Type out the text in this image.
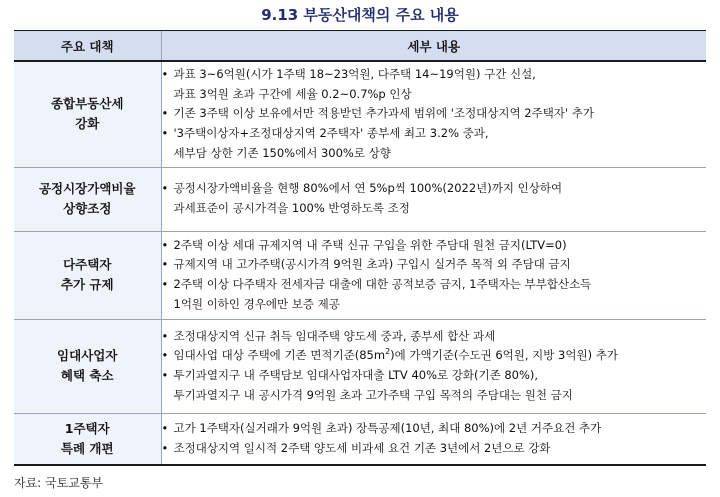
9.13 부동산대책의 주요 내용
주요 대책	세부 내용

종합부동산세
강화	• 과표 3~6억원(시가 1주택 18~23억원, 다주택 14~19억원) 구간 신설,
과표 3억원 초과 구간에 세율 0.2~0.7%p 인상
• 기존 3주택 이상 보유에서만 적용받던 추가과세 범위에 '조정대상지역 2주택자' 추가
• '3주택이상자+조정대상지역 2주택자' 종부세 최고 3.2% 중과,
세부담 상한 기존 150%에서 300%로 상향

공정시장가액비율
상향조정	• 공정시장가액비율을 현행 80%에서 연 5%p씩 100%(2022년)까지 인상하여
과세표준이 공시가격을 100% 반영하도록 조정

다주택자
추가 규제	• 2주택 이상 세대 규제지역 내 주택 신규 구입을 위한 주담대 원천 금지(LTV=0)
• 규제지역 내 고가주택(공시가격 9억원 초과) 구입시 실거주 목적 외 주담대 금지
• 2주택 이상 다주택자 전세자금 대출에 대한 공적보증 금지, 1주택자는 부부합산소득
1억원 이하인 경우에만 보증 제공

임대사업자
혜택 축소	• 조정대상지역 신규 취득 임대주택 양도세 중과, 종부세 합산 과세
• 임대사업 대상 주택에 기존 면적기준$(85m^2)$에 가액기준(수도권 6억원, 지방 3억원) 추가
• 투기과열지구 내 주택담보 임대사업자대출 LTV 40%로 강화(기존 80%),
투기과열지구 내 공시가격 9억원 초과 고가주택 구입 목적의 주담대는 원천 금지

1주택자
특례 개편	• 고가 1주택자(실거래가 9억원 초과) 장특공제(10년, 최대 80%)에 2년 거주요건 추가
• 조정대상지역 일시적 2주택 양도세 비과세 요건 기존 3년에서 2년으로 강화
자료: 국토교통부
